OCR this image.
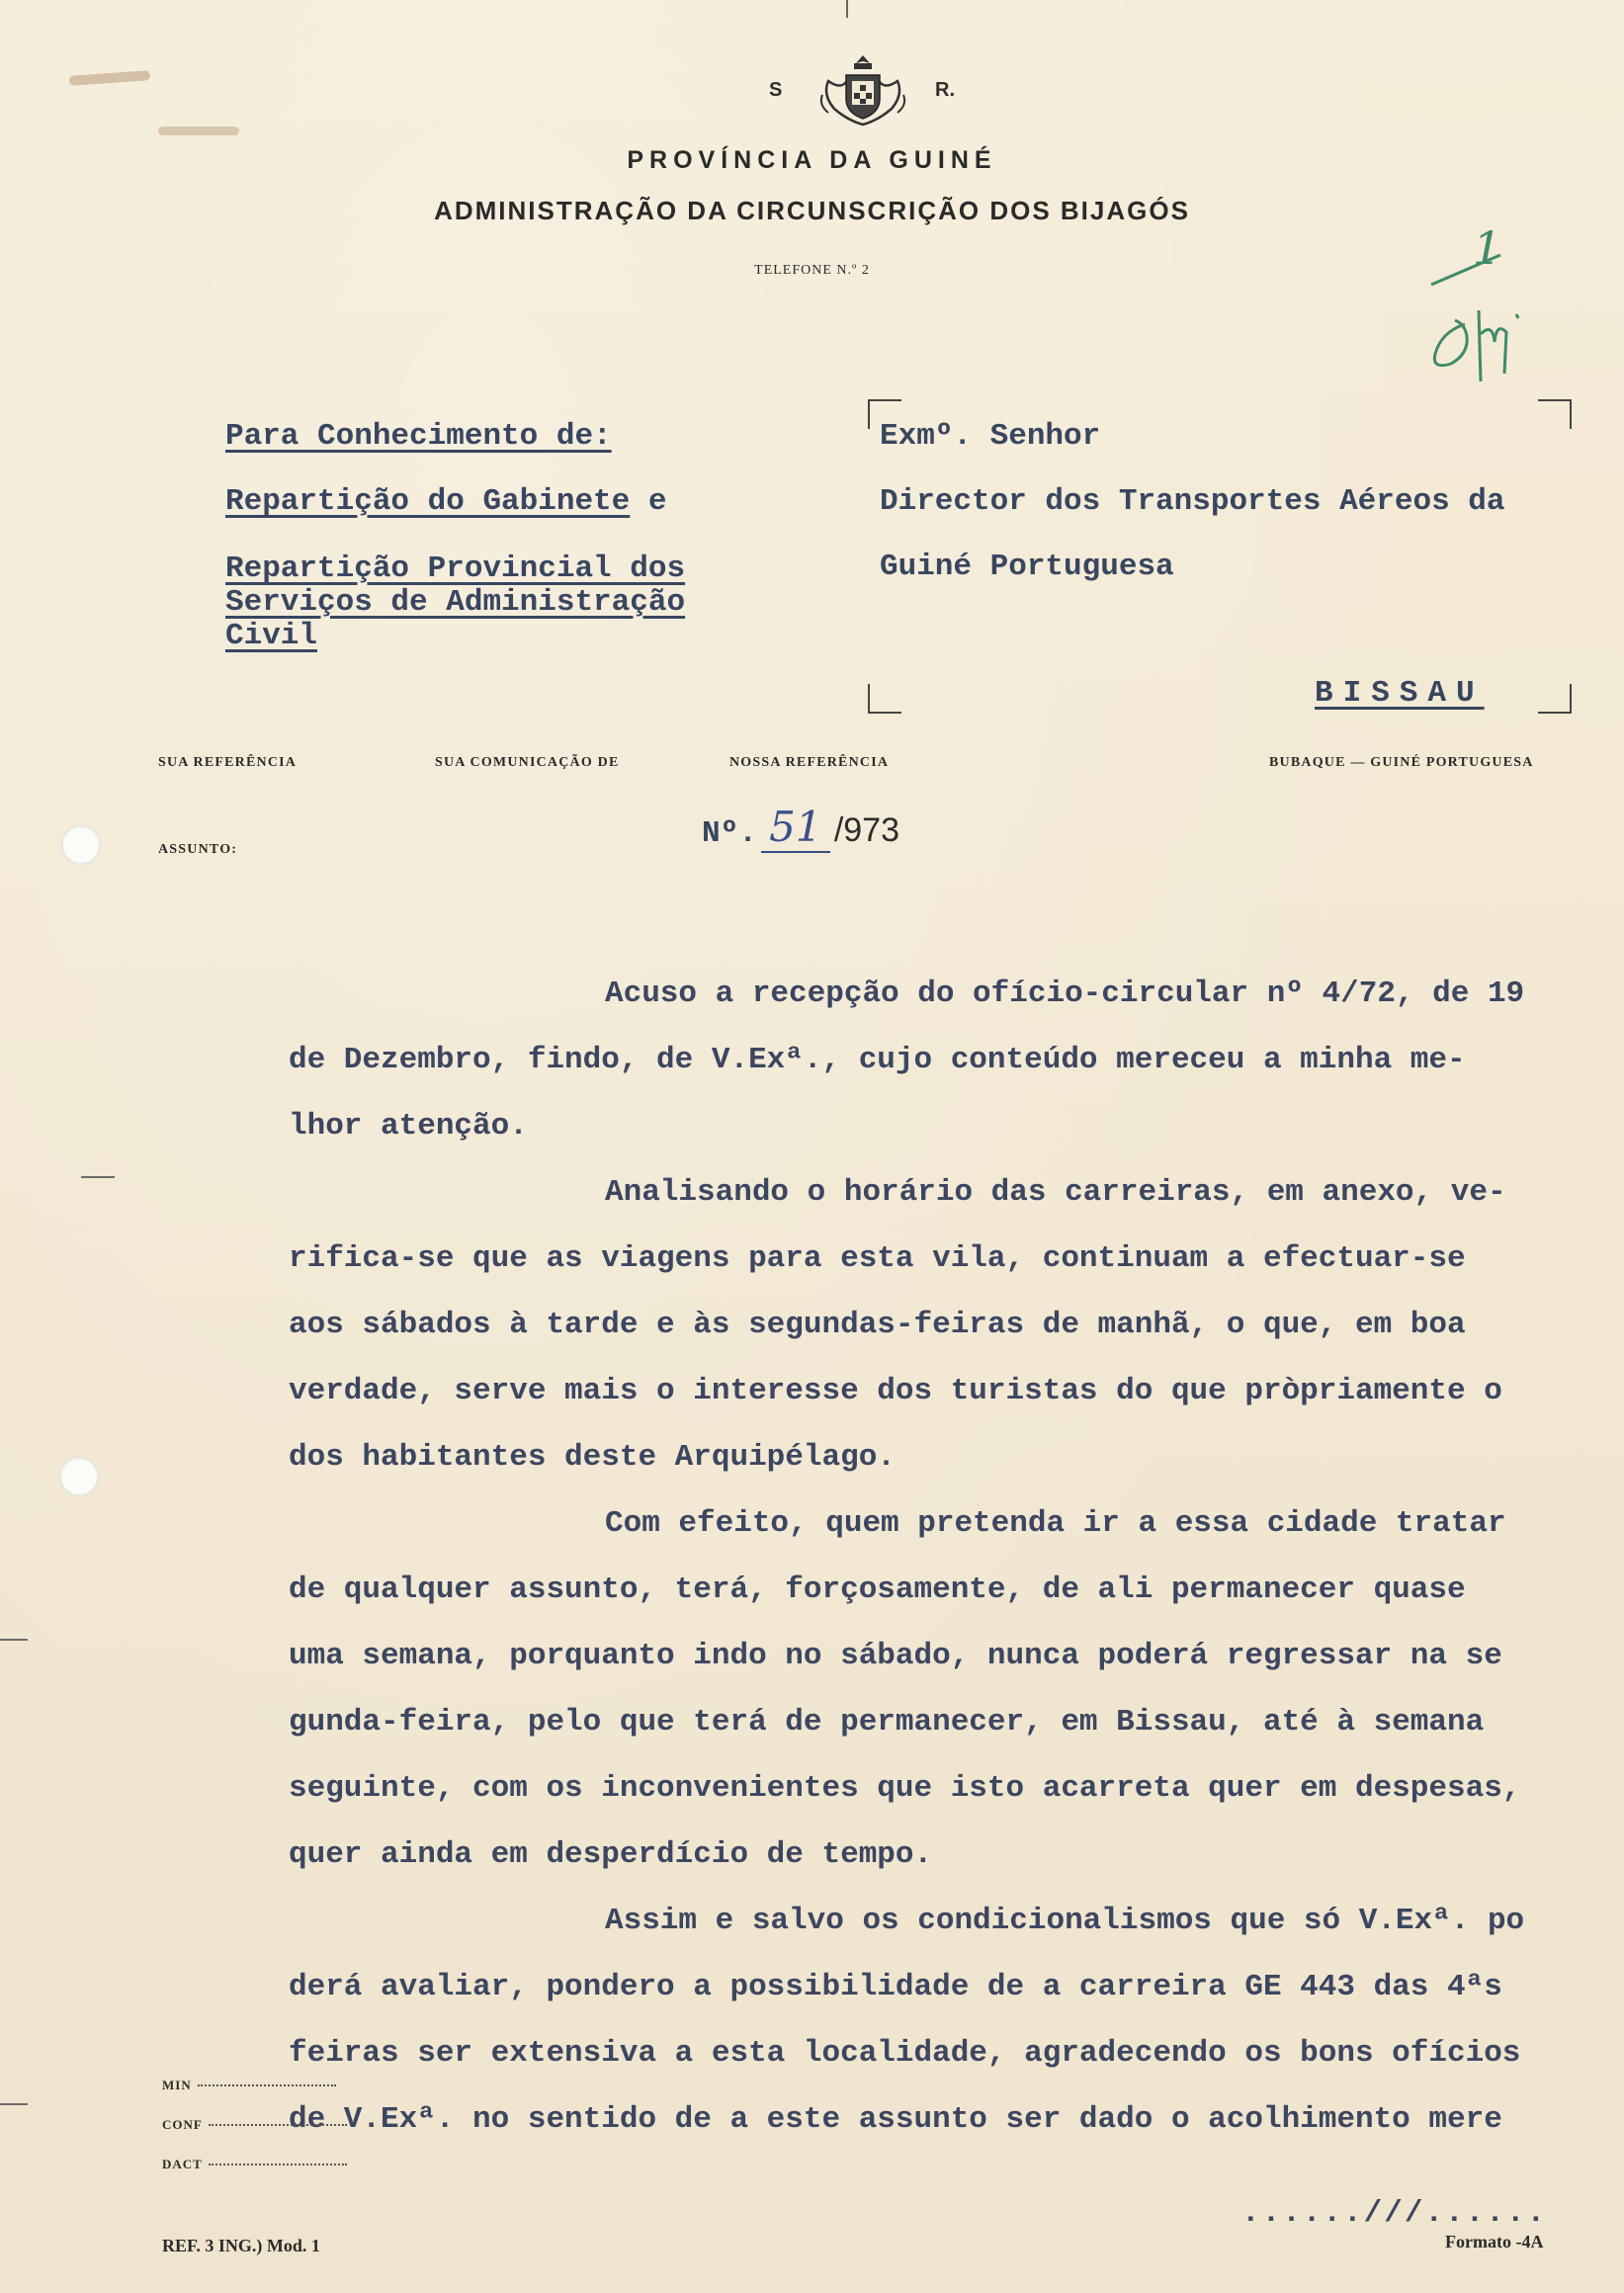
S	R.
PROVÍNCIA DA GUINÉ
ADMINISTRAÇÃO DA CIRCUNSCRIÇÃO DOS BIJAGÓS
TELEFONE N.º 2	1
Para Conhecimento de:
Repartição do Gabinete e
Repartição Provincial dos
Serviços de Administração
Civil
Exmº. Senhor
Director dos Transportes Aéreos da
Guiné Portuguesa
BISSAU
SUA REFERÊNCIA	SUA COMUNICAÇÃO DE	NOSSA REFERÊNCIA	BUBAQUE — GUINÉ PORTUGUESA
ASSUNTO:	Nº. 51 /973
Acuso a recepção do ofício-circular nº 4/72, de 19
de Dezembro, findo, de V.Exª., cujo conteúdo mereceu a minha me-
lhor atenção.
Analisando o horário das carreiras, em anexo, ve-
rifica-se que as viagens para esta vila, continuam a efectuar-se
aos sábados à tarde e às segundas-feiras de manhã, o que, em boa
verdade, serve mais o interesse dos turistas do que pròpriamente o
dos habitantes deste Arquipélago.
Com efeito, quem pretenda ir a essa cidade tratar
de qualquer assunto, terá, forçosamente, de ali permanecer quase
uma semana, porquanto indo no sábado, nunca poderá regressar na se
gunda-feira, pelo que terá de permanecer, em Bissau, até à semana
seguinte, com os inconvenientes que isto acarreta quer em despesas,
quer ainda em desperdício de tempo.
Assim e salvo os condicionalismos que só V.Exª. po
derá avaliar, pondero a possibilidade de a carreira GE 443 das 4ªs
feiras ser extensiva a esta localidade, agradecendo os bons ofícios
de V.Exª. no sentido de a este assunto ser dado o acolhimento mere
......///......
MIN
CONF
DACT
REF. 3 ING.) Mod. 1	Formato -4A
